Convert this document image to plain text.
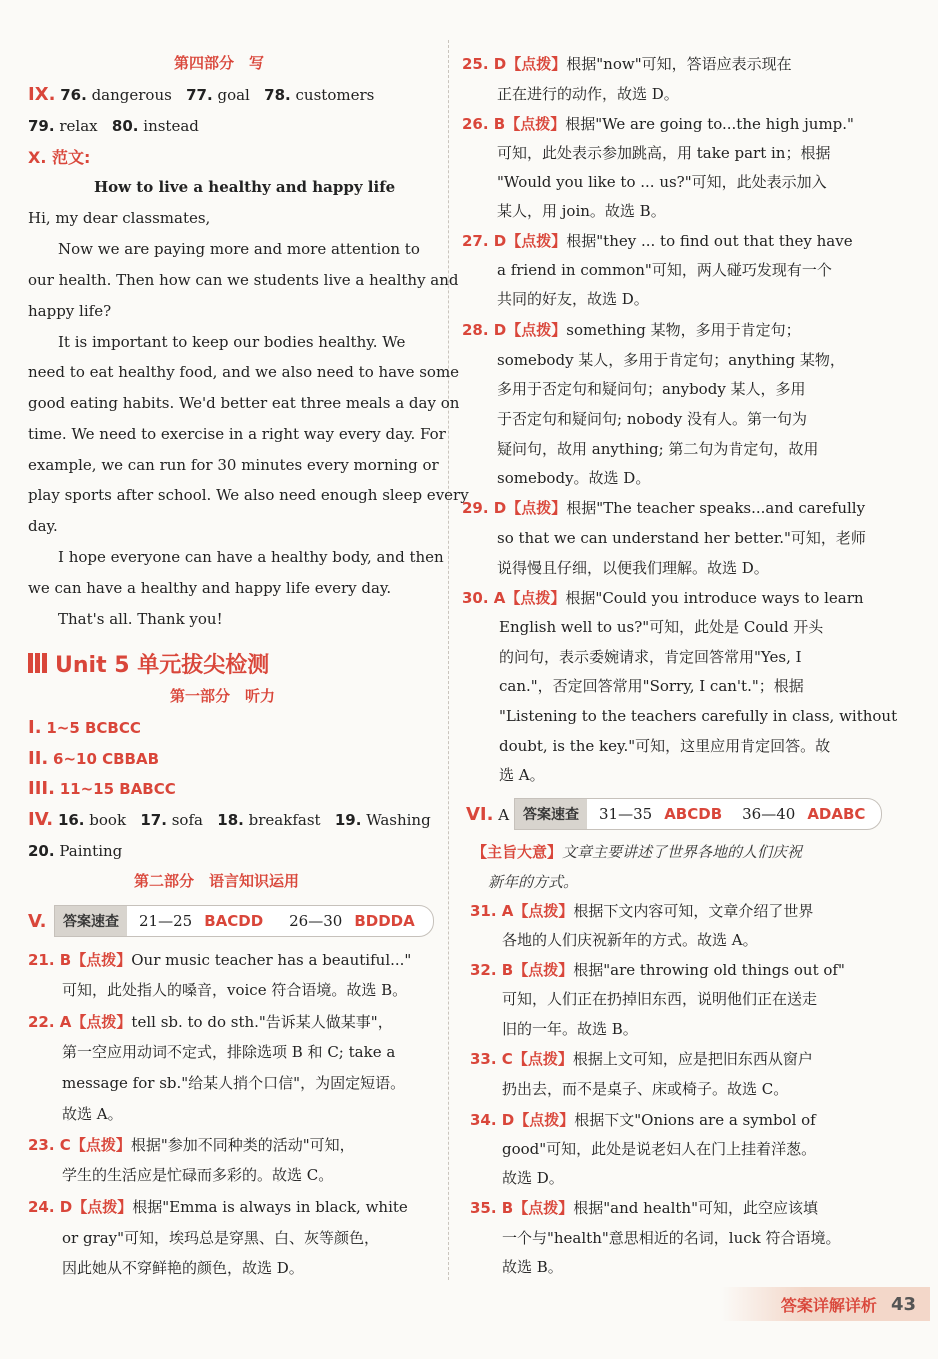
第四部分　写
IX. 76. dangerous 77. goal 78. customers
79. relax 80. instead
X. 范文:
How to live a healthy and happy life
Hi, my dear classmates,
　　Now we are paying more and more attention to
our health. Then how can we students live a healthy and
happy life?
　　It is important to keep our bodies healthy. We
need to eat healthy food, and we also need to have some
good eating habits. We'd better eat three meals a day on
time. We need to exercise in a right way every day. For
example, we can run for 30 minutes every morning or
play sports after school. We also need enough sleep every
day.
　　I hope everyone can have a healthy body, and then
we can have a healthy and happy life every day.
　　That's all. Thank you!
Unit 5 单元拔尖检测
第一部分　听力
I. 1~5 BCBCC
II. 6~10 CBBAB
III. 11~15 BABCC
IV. 16. book 17. sofa 18. breakfast 19. Washing
20. Painting
第二部分　语言知识运用
V.	答案速查	21—25 BACDD 26—30 BDDDA
21. B【点拨】Our music teacher has a beautiful..."
可知，此处指人的嗓音，voice 符合语境。故选 B。
22. A【点拨】tell sb. to do sth."告诉某人做某事"，
第一空应用动词不定式，排除选项 B 和 C; take a
message for sb."给某人捎个口信"，为固定短语。
故选 A。
23. C【点拨】根据"参加不同种类的活动"可知，
学生的生活应是忙碌而多彩的。故选 C。
24. D【点拨】根据"Emma is always in black, white
or gray"可知，埃玛总是穿黑、白、灰等颜色，
因此她从不穿鲜艳的颜色，故选 D。
25. D【点拨】根据"now"可知，答语应表示现在
正在进行的动作，故选 D。
26. B【点拨】根据"We are going to...the high jump."
可知，此处表示参加跳高，用 take part in；根据
"Would you like to ... us?"可知，此处表示加入
某人，用 join。故选 B。
27. D【点拨】根据"they ... to find out that they have
a friend in common"可知，两人碰巧发现有一个
共同的好友，故选 D。
28. D【点拨】something 某物，多用于肯定句；
somebody 某人，多用于肯定句；anything 某物，
多用于否定句和疑问句；anybody 某人，多用
于否定句和疑问句; nobody 没有人。第一句为
疑问句，故用 anything; 第二句为肯定句，故用
somebody。故选 D。
29. D【点拨】根据"The teacher speaks...and carefully
so that we can understand her better."可知，老师
说得慢且仔细，以便我们理解。故选 D。
30. A【点拨】根据"Could you introduce ways to learn
English well to us?"可知，此处是 Could 开头
的问句，表示委婉请求，肯定回答常用"Yes, I
can."，否定回答常用"Sorry, I can't."；根据
"Listening to the teachers carefully in class, without
doubt, is the key."可知，这里应用肯定回答。故
选 A。
VI. A 答案速查	31—35 ABCDB 36—40 ADABC
【主旨大意】文章主要讲述了世界各地的人们庆祝
新年的方式。
31. A【点拨】根据下文内容可知，文章介绍了世界
各地的人们庆祝新年的方式。故选 A。
32. B【点拨】根据"are throwing old things out of"
可知，人们正在扔掉旧东西，说明他们正在送走
旧的一年。故选 B。
33. C【点拨】根据上文可知，应是把旧东西从窗户
扔出去，而不是桌子、床或椅子。故选 C。
34. D【点拨】根据下文"Onions are a symbol of
good"可知，此处是说老妇人在门上挂着洋葱。
故选 D。
35. B【点拨】根据"and health"可知，此空应该填
一个与"health"意思相近的名词，luck 符合语境。
故选 B。
答案详解详析 43
